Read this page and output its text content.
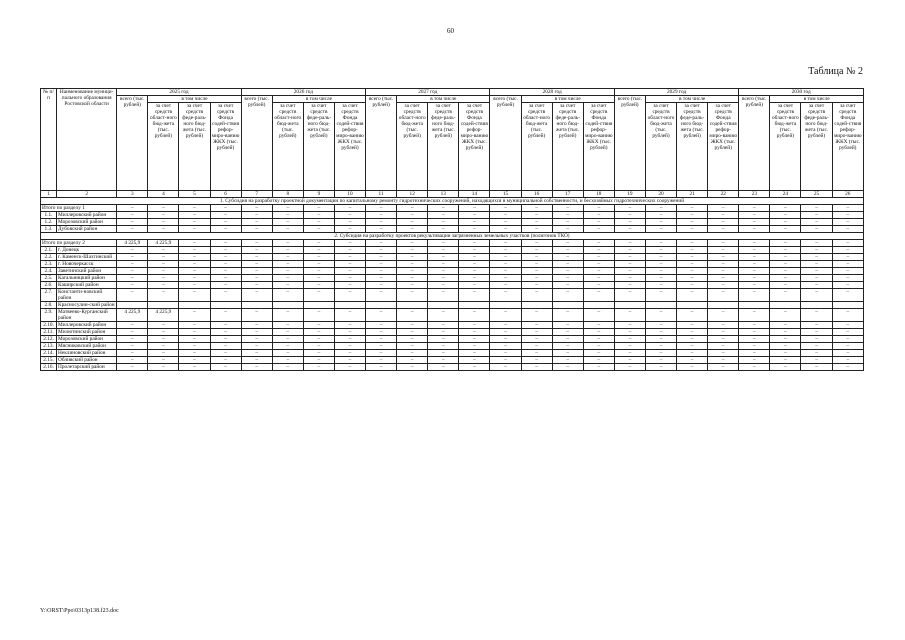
60
Таблица № 2
№ п/п	Наименование муници-пального образования Ростовской области	2025 год				2026 год				2027 год				2028 год				2029 год				2030 год			
		всего (тыс. рублей)	в том числе			всего (тыс. рублей)	в том числе			всего (тыс. рублей)	в том числе			всего (тыс. рублей)	в том числе			всего (тыс. рублей)	в том числе			всего (тыс. рублей)	в том числе		
			за счет средств област-ного бюд-жета (тыс. рублей)	за счет средств феде-раль-ного бюд-жета (тыс. рублей)	за счет средств Фонда содей-ствия рефор-миро-ванию ЖКХ (тыс. рублей)		за счет средств област-ного бюд-жета (тыс. рублей)	за счет средств феде-раль-ного бюд-жета (тыс. рублей)	за счет средств Фонда содей-ствия рефор-миро-ванию ЖКХ (тыс. рублей)		за счет средств област-ного бюд-жета (тыс. рублей)	за счет средств феде-раль-ного бюд-жета (тыс. рублей)	за счет средств Фонда содей-ствия рефор-миро-ванию ЖКХ (тыс. рублей)		за счет средств област-ного бюд-жета (тыс. рублей)	за счет средств феде-раль-ного бюд-жета (тыс. рублей)	за счет средств Фонда содей-ствия рефор-миро-ванию ЖКХ (тыс. рублей)		за счет средств област-ного бюд-жета (тыс. рублей)	за счет средств феде-раль-ного бюд-жета (тыс. рублей)	за счет средств Фонда содей-ствия рефор-миро-ванию ЖКХ (тыс. рублей)		за счет средств област-ного бюд-жета (тыс. рублей)	за счет средств феде-раль-ного бюд-жета (тыс. рублей)	за счет средств Фонда содей-ствия рефор-миро-ванию ЖКХ (тыс. рублей)
1	2	3	4	5	6	7	8	9	10	11	12	13	14	15	16	17	18	19	20	21	22	23	24	25	26
1. Субсидия на разработку проектной документации по капитальному ремонту гидротехнических сооружений, находящихся в муниципальной собственности, и бесхозяйных гидротехнических сооружений																									
Итого по разделу 1		–	–	–	–	–	–	–	–	–	–	–	–	–	–	–	–	–	–	–	–	–	–	–	–
1.1.	Миллеровский район	–	–	–	–	–	–	–	–	–	–	–	–	–	–	–	–	–	–	–	–	–	–	–	–
1.2.	Морозовский район	–	–	–	–	–	–	–	–	–	–	–	–	–	–	–	–	–	–	–	–	–	–	–	–
1.3.	Дубовский район	–	–	–	–	–	–	–	–	–	–	–	–	–	–	–	–	–	–	–	–	–	–	–	–
2. Субсидия на разработку проектов рекультивации загрязненных земельных участков (полигонов ТКО)																									
Итого по разделу 2		4 225,9	4 225,9	–	–	–	–	–	–	–	–	–	–	–	–	–	–	–	–	–	–	–	–	–	–
2.1.	г. Донецк	–	–	–	–	–	–	–	–	–	–	–	–	–	–	–	–	–	–	–	–	–	–	–	–
2.2.	г. Каменск-Шахтинский	–	–	–	–	–	–	–	–	–	–	–	–	–	–	–	–	–	–	–	–	–	–	–	–
2.3.	г. Новочеркасск	–	–	–	–	–	–	–	–	–	–	–	–	–	–	–	–	–	–	–	–	–	–	–	–
2.4.	Заветинский район	–	–	–	–	–	–	–	–	–	–	–	–	–	–	–	–	–	–	–	–	–	–	–	–
2.5.	Кагальницкий район	–	–	–	–	–	–	–	–	–	–	–	–	–	–	–	–	–	–	–	–	–	–	–	–
2.6.	Каширский район	–	–	–	–	–	–	–	–	–	–	–	–	–	–	–	–	–	–	–	–	–	–	–	–
2.7.	Константи-новский район	–	–	–	–	–	–	–	–	–	–	–	–	–	–	–	–	–	–	–	–	–	–	–	–
2.8.	Красносулин-ский район																								
2.9.	Матвеево-Курганский район	4 225,9	4 225,9	–	–	–	–	–	–	–	–	–	–	–	–	–	–	–	–	–	–	–	–	–	–
2.10.	Миллеровский район	–	–	–	–	–	–	–	–	–	–	–	–	–	–	–	–	–	–	–	–	–	–	–	–
2.11.	Милютинский район	–	–	–	–	–	–	–	–	–	–	–	–	–	–	–	–	–	–	–	–	–	–	–	–
2.12.	Морозовский район	–	–	–	–	–	–	–	–	–	–	–	–	–	–	–	–	–	–	–	–	–	–	–	–
2.13.	Мясниковский район	–	–	–	–	–	–	–	–	–	–	–	–	–	–	–	–	–	–	–	–	–	–	–	–
2.14.	Неклиновский район	–	–	–	–	–	–	–	–	–	–	–	–	–	–	–	–	–	–	–	–	–	–	–	–
2.15.	Обливский район	–	–	–	–	–	–	–	–	–	–	–	–	–	–	–	–	–	–	–	–	–	–	–	–
2.16.	Пролетарский район	–	–	–	–	–	–	–	–	–	–	–	–	–	–	–	–	–	–	–	–	–	–	–	–
Y:\ORST\Ppo\0313p138.f23.doc
